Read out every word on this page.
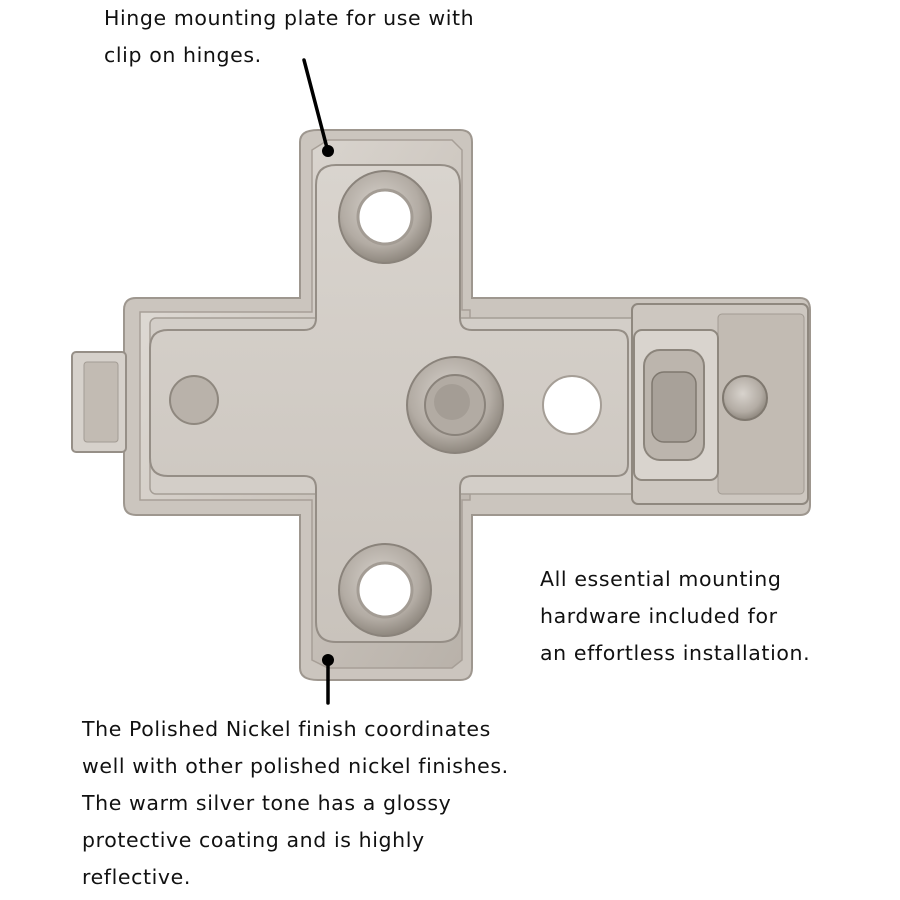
Hinge mounting plate for use with
clip on hinges.
All essential mounting
hardware included for
an effortless installation.
The Polished Nickel finish coordinates
well with other polished nickel finishes.
The warm silver tone has a glossy
protective coating and is highly
reflective.
